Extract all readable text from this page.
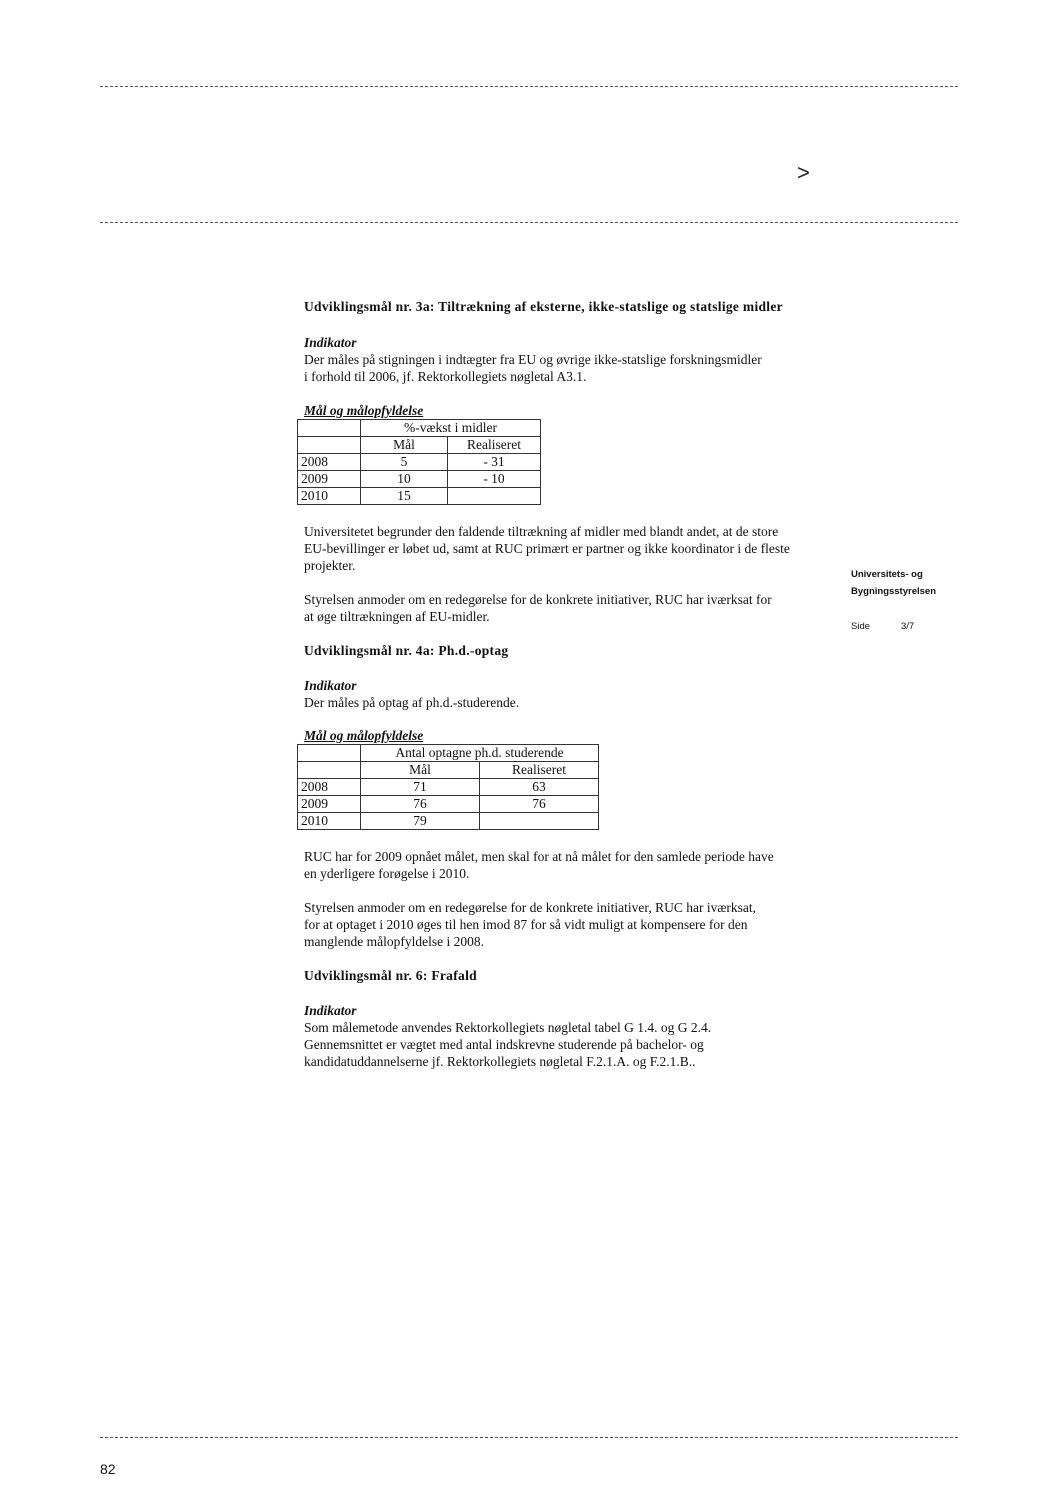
>

Udviklingsmål nr. 3a: Tiltrækning af eksterne, ikke-statslige og statslige midler

Indikator

Der måles på stigningen i indtægter fra EU og øvrige ikke-statslige forskningsmidler i forhold til 2006, jf. Rektorkollegiets nøgletal A3.1.

Mål og målopfyldelse

	%-vækst i midler	
	Mål	Realiseret
2008	5	- 31
2009	10	- 10
2010	15	

Universitetet begrunder den faldende tiltrækning af midler med blandt andet, at de store EU-bevillinger er løbet ud, samt at RUC primært er partner og ikke koordinator i de fleste projekter.

Styrelsen anmoder om en redegørelse for de konkrete initiativer, RUC har iværksat for at øge tiltrækningen af EU-midler.

Udviklingsmål nr. 4a: Ph.d.-optag

Indikator

Der måles på optag af ph.d.-studerende.

Mål og målopfyldelse

	Antal optagne ph.d. studerende	
	Mål	Realiseret
2008	71	63
2009	76	76
2010	79	

RUC har for 2009 opnået målet, men skal for at nå målet for den samlede periode have en yderligere forøgelse i 2010.

Styrelsen anmoder om en redegørelse for de konkrete initiativer, RUC har iværksat, for at optaget i 2010 øges til hen imod 87 for så vidt muligt at kompensere for den manglende målopfyldelse i 2008.

Udviklingsmål nr. 6: Frafald

Indikator

Som målemetode anvendes Rektorkollegiets nøgletal tabel G 1.4. og G 2.4. Gennemsnittet er vægtet med antal indskrevne studerende på bachelor- og kandidatuddannelserne jf. Rektorkollegiets nøgletal F.2.1.A. og F.2.1.B..

Universitets- og
Bygningsstyrelsen
Side	3/7
82
